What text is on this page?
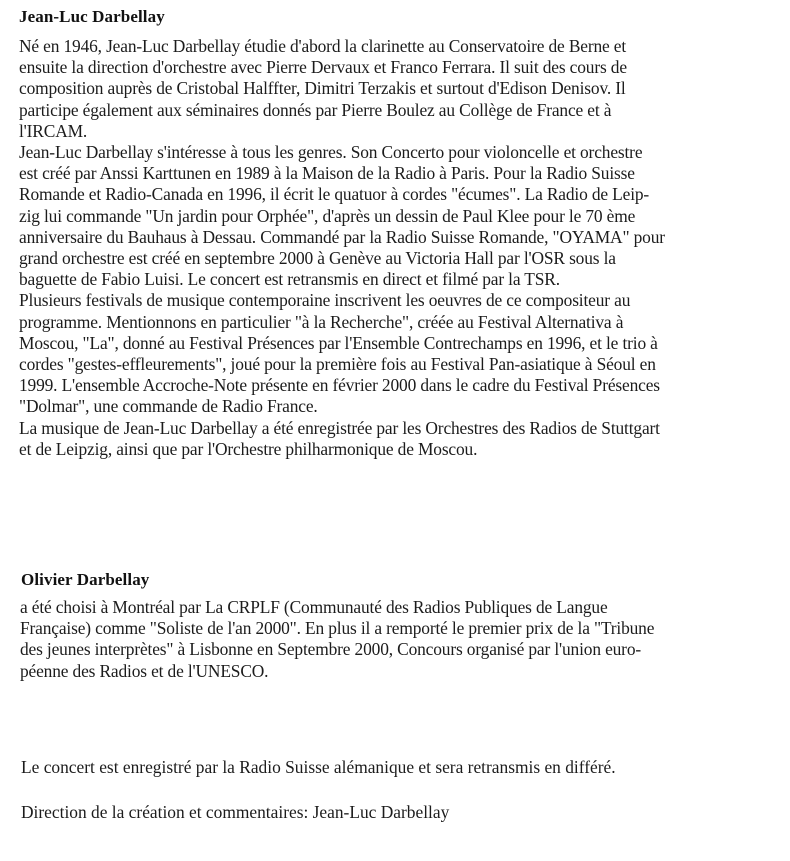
Jean-Luc Darbellay
Né en 1946, Jean-Luc Darbellay étudie d'abord la clarinette au Conservatoire de Berne et
ensuite la direction d'orchestre avec Pierre Dervaux et Franco Ferrara. Il suit des cours de
composition auprès de Cristobal Halffter, Dimitri Terzakis et surtout d'Edison Denisov. Il
participe également aux séminaires donnés par Pierre Boulez au Collège de France et à
l'IRCAM.
Jean-Luc Darbellay s'intéresse à tous les genres. Son Concerto pour violoncelle et orchestre
est créé par Anssi Karttunen en 1989 à la Maison de la Radio à Paris. Pour la Radio Suisse
Romande et Radio-Canada en 1996, il écrit le quatuor à cordes "écumes". La Radio de Leip-
zig lui commande "Un jardin pour Orphée", d'après un dessin de Paul Klee pour le 70 ème
anniversaire du Bauhaus à Dessau. Commandé par la Radio Suisse Romande, "OYAMA" pour
grand orchestre est créé en septembre 2000 à Genève au Victoria Hall par l'OSR sous la
baguette de Fabio Luisi. Le concert est retransmis en direct et filmé par la TSR.
Plusieurs festivals de musique contemporaine inscrivent les oeuvres de ce compositeur au
programme. Mentionnons en particulier "à la Recherche", créée au Festival Alternativa à
Moscou, "La", donné au Festival Présences par l'Ensemble Contrechamps en 1996, et le trio à
cordes "gestes-effleurements", joué pour la première fois au Festival Pan-asiatique à Séoul en
1999. L'ensemble Accroche-Note présente en février 2000 dans le cadre du Festival Présences
"Dolmar", une commande de Radio France.
La musique de Jean-Luc Darbellay a été enregistrée par les Orchestres des Radios de Stuttgart
et de Leipzig, ainsi que par l'Orchestre philharmonique de Moscou.
Olivier Darbellay
a été choisi à Montréal par La CRPLF (Communauté des Radios Publiques de Langue
Française) comme "Soliste de l'an 2000". En plus il a remporté le premier prix de la "Tribune
des jeunes interprètes" à Lisbonne en Septembre 2000, Concours organisé par l'union euro-
péenne des Radios et de l'UNESCO.
Le concert est enregistré par la Radio Suisse alémanique et sera retransmis en différé.
Direction de la création et commentaires: Jean-Luc Darbellay
